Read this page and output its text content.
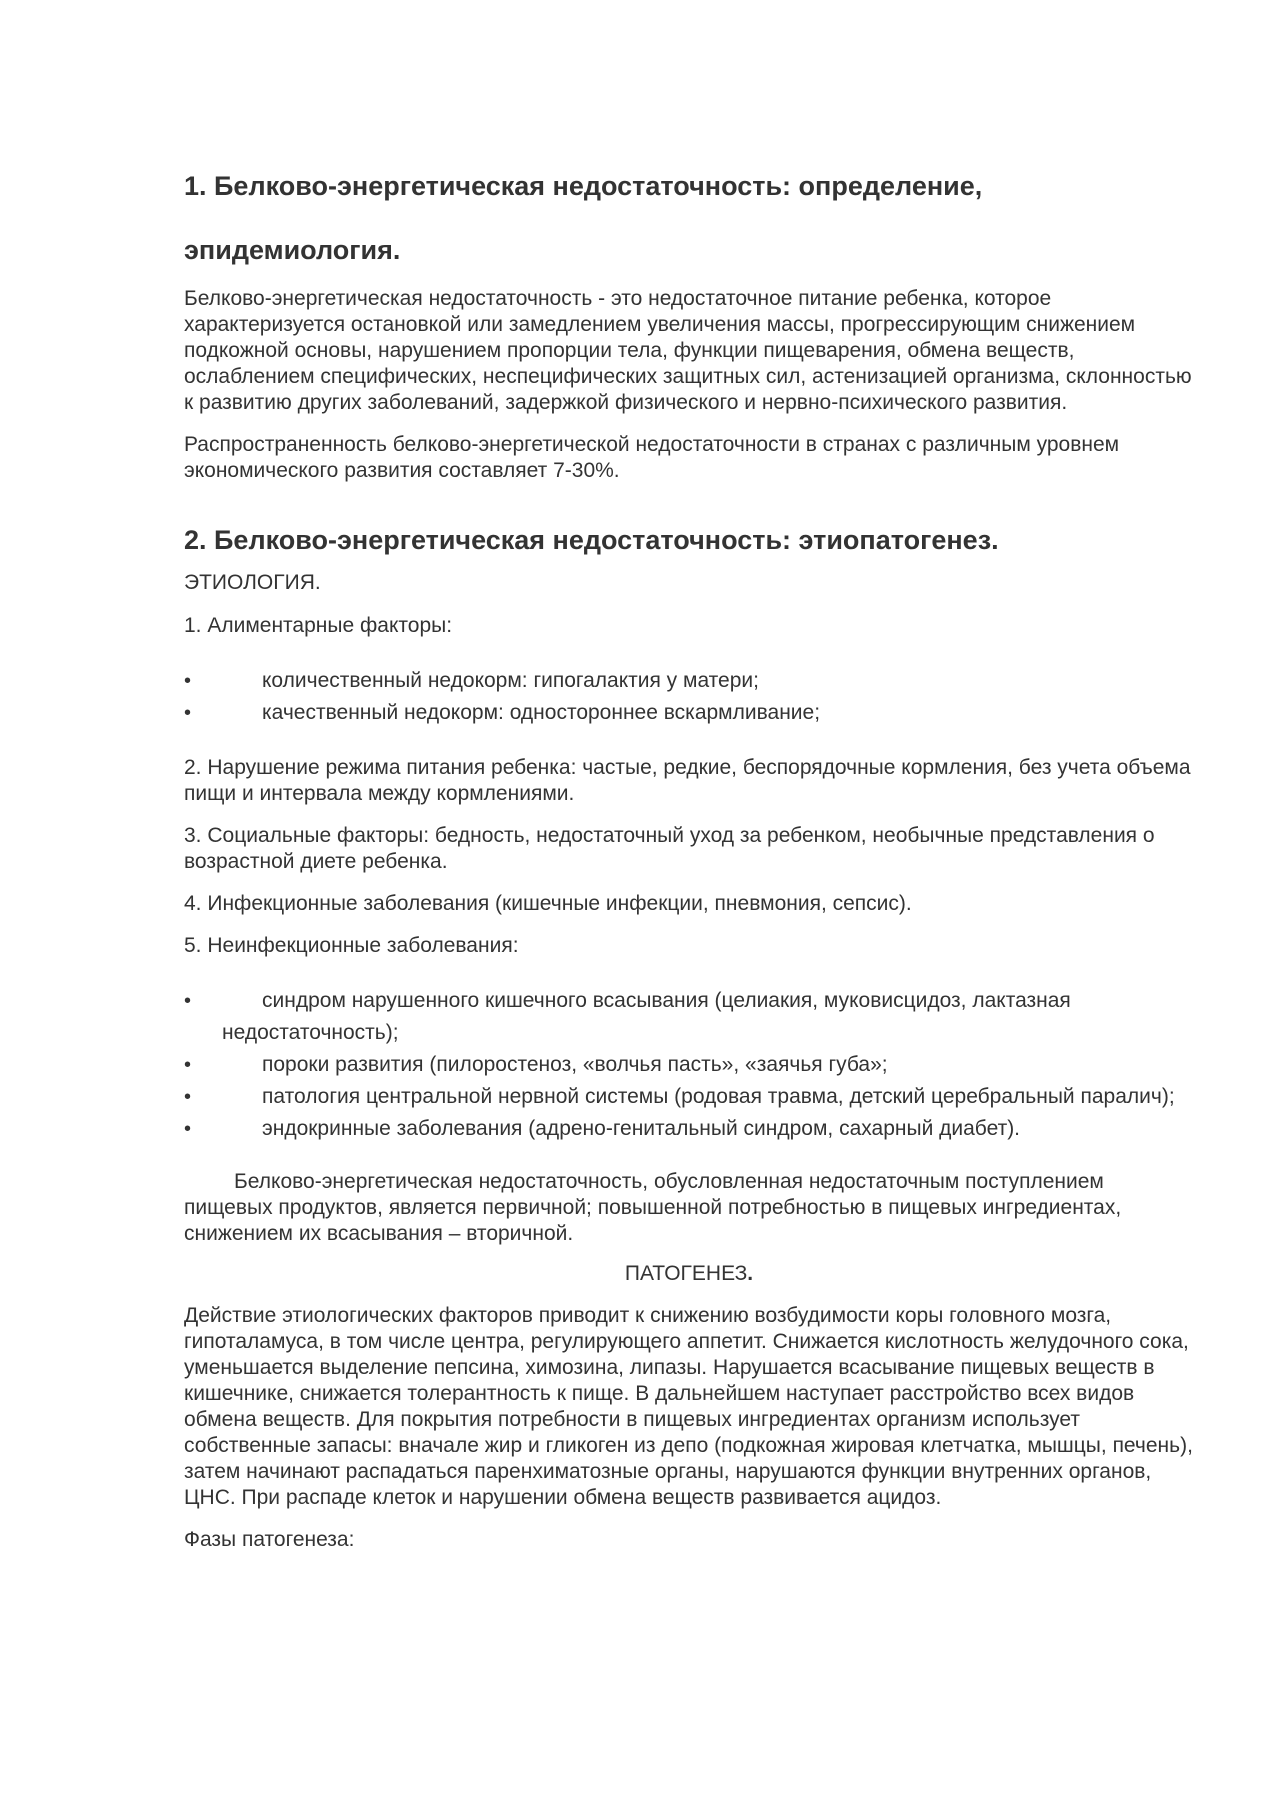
1. Белково-энергетическая недостаточность: определение,
эпидемиология.

Белково-энергетическая недостаточность - это недостаточное питание ребенка, которое характеризуется остановкой или замедлением увеличения массы, прогрессирующим снижением подкожной основы, нарушением пропорции тела, функции пищеварения, обмена веществ, ослаблением специфических, неспецифических защитных сил, астенизацией организма, склонностью к развитию других заболеваний, задержкой физического и нервно-психического развития.

Распространенность белково-энергетической недостаточности в странах с различным уровнем экономического развития составляет 7-30%.

2. Белково-энергетическая недостаточность: этиопатогенез.

ЭТИОЛОГИЯ.

1. Алиментарные факторы:

• количественный недокорм: гипогалактия у матери;
• качественный недокорм: одностороннее вскармливание;

2. Нарушение режима питания ребенка: частые, редкие, беспорядочные кормления, без учета объема пищи и интервала между кормлениями.

3. Социальные факторы: бедность, недостаточный уход за ребенком, необычные представления о возрастной диете ребенка.

4. Инфекционные заболевания (кишечные инфекции, пневмония, сепсис).

5. Неинфекционные заболевания:

• синдром нарушенного кишечного всасывания (целиакия, муковисцидоз, лактазная недостаточность);
• пороки развития (пилоростеноз, «волчья пасть», «заячья губа»;
• патология центральной нервной системы (родовая травма, детский церебральный паралич);
• эндокринные заболевания (адрено-генитальный синдром, сахарный диабет).

Белково-энергетическая недостаточность, обусловленная недостаточным поступлением пищевых продуктов, является первичной; повышенной потребностью в пищевых ингредиентах, снижением их всасывания – вторичной.

ПАТОГЕНЕЗ.

Действие этиологических факторов приводит к снижению возбудимости коры головного мозга, гипоталамуса, в том числе центра, регулирующего аппетит. Снижается кислотность желудочного сока, уменьшается выделение пепсина, химозина, липазы. Нарушается всасывание пищевых веществ в кишечнике, снижается толерантность к пище. В дальнейшем наступает расстройство всех видов обмена веществ. Для покрытия потребности в пищевых ингредиентах организм использует собственные запасы: вначале жир и гликоген из депо (подкожная жировая клетчатка, мышцы, печень), затем начинают распадаться паренхиматозные органы, нарушаются функции внутренних органов, ЦНС. При распаде клеток и нарушении обмена веществ развивается ацидоз.

Фазы патогенеза:
